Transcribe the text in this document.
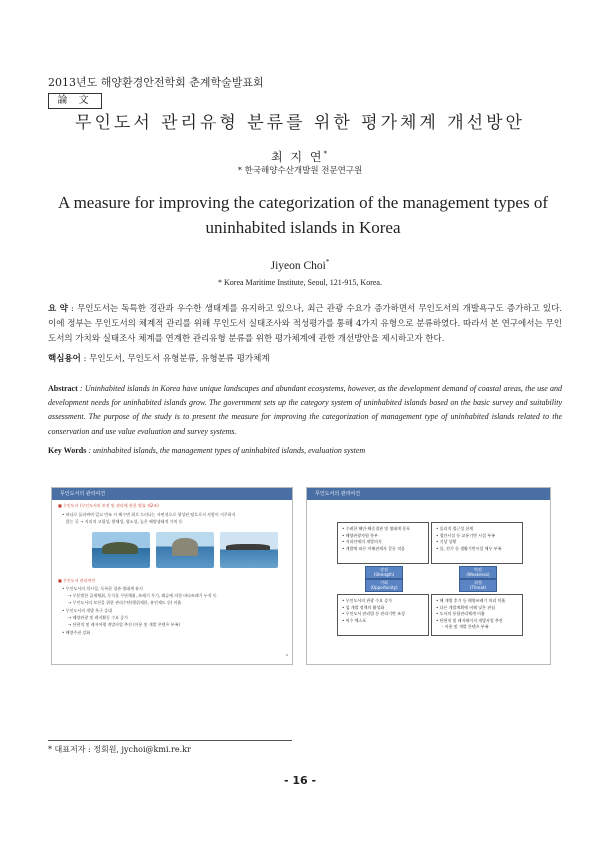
2013년도 해양환경안전학회 춘계학술발표회
論 文
무인도서 관리유형 분류를 위한 평가체계 개선방안
최 지 연*
* 한국해양수산개발원 전문연구원
A measure for improving the categorization of the management types of uninhabited islands in Korea
Jiyeon Choi*
* Korea Maritime Institute, Seoul, 121-915, Korea.
요 약 : 무인도서는 독특한 경관과 우수한 생태계를 유지하고 있으나, 최근 관광 수요가 증가하면서 무인도서의 개발욕구도 증가하고 있다. 이에 정부는 무인도서의 체계적 관리를 위해 무인도서 실태조사와 적성평가를 통해 4가지 유형으로 분류하였다. 따라서 본 연구에서는 무인도서의 가치와 실태조사 체계를 연계한 관리유형 분류를 위한 평가체계에 관한 개선방안을 제시하고자 한다.
핵심용어 : 무인도서, 무인도서 유형분류, 유형분류 평가체계
Abstract : Uninhabited islands in Korea have unique landscapes and abundant ecosystems, however, as the development demand of coastal areas, the use and development needs for uninhabited islands grow. The government sets up the category system of uninhabited islands based on the basic survey and suitability assessment. The purpose of the study is to present the measure for improving the categorization of management type of uninhabited islands related to the conservation and use value evaluation and survey systems.
Key Words : uninhabited islands, the management types of uninhabited islands, evaluation system
무인도서의 관리여건
■ 무인도서 (무인도서의 보전 및 관리에 관한 법률 제2조)
• 바다로 둘러싸여 있고 만조 시 해수면 위로 드러나는 자연적으로 형성된 땅으로서 사람이 거주하지
않는 곳 → 지리적 고립성, 환해성, 협소성, 높은 해양생태적 가치 등
■ 무인도서 관리여건
• 무인도서의 희시성, 독특한 경관·생태계 유지
→ 무분별한 골재채취, 동식물 무단채취, 쓰레기 투기, 폐류에 의한 바다쓰레기 누적 등
→ 무인도서의 보전을 위한 관리수단(행위제한, 유인제도 등) 미흡
• 무인도서의 개발 욕구 증대
→ 해양관광 및 레저활동 수요 증가
→ 단편적 및 레저여행 개발사업 추진 (이용 및 개발 콘텐츠 부족)
• 해양주권 강화
2
무인도서의 관리여건
• 수려한 해안·해중경관 및 생태계 분포
• 해양관광자원 풍부
• 지리인에의 개발의지
• 개발에 따른 이해관계자 갈등 적음
• 물리적 접근성 한계
• 접안시설 등 교통기반 시설 부족
• 기상 상황
• 물, 전기 등 생활기반시설 매우 부족
강점
(Strength)
약점
(Weakness)
기회
(Opportunity)
위협
(Threat)
• 무인도서의 관광 수요 증가
• 섬 개발 정책의 활성화
• 무인도서 관리법 등 관리기반 조성
• 여수 엑스포
• 해 개방 후기 등 해양쓰레기 처리 미흡
• 다른 개발계획에 비해 낮은 관심
• 도서의 통합관리체계 미흡
• 단편적 및 레저레이저 개발사업 추진
- 이용 및 개발 콘텐츠 부족
* 대표저자 : 정회원, jychoi@kmi.re.kr
- 16 -
